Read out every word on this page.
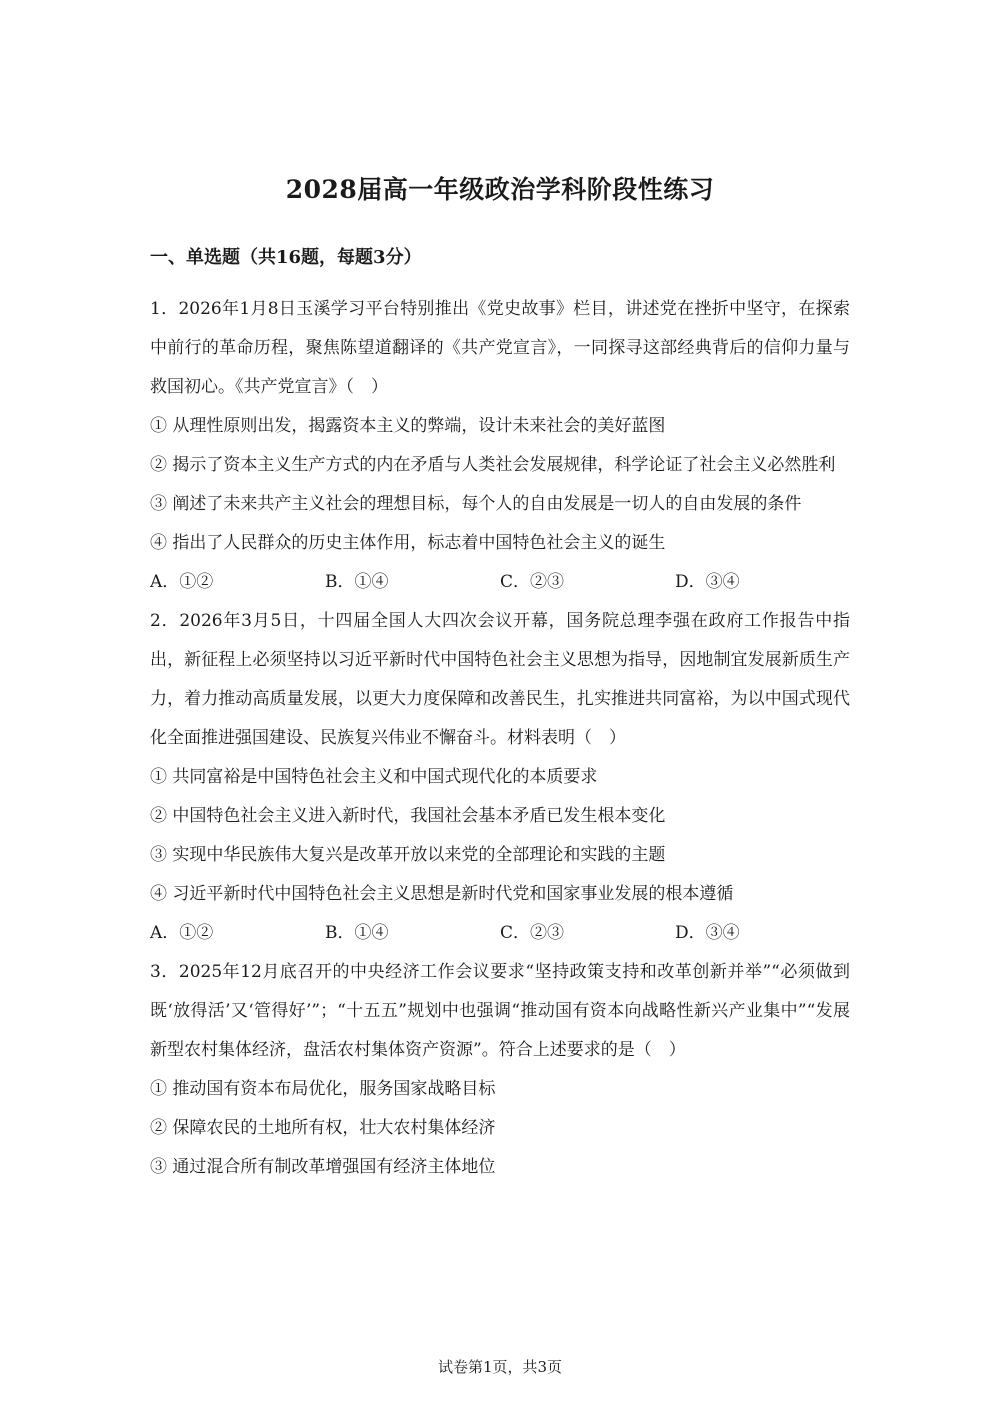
2028届高一年级政治学科阶段性练习
一、单选题（共16题，每题3分）

1．2026年1月8日玉溪学习平台特别推出《党史故事》栏目，讲述党在挫折中坚守，在探索中前行的革命历程，聚焦陈望道翻译的《共产党宣言》，一同探寻这部经典背后的信仰力量与救国初心。《共产党宣言》（　）

① 从理性原则出发，揭露资本主义的弊端，设计未来社会的美好蓝图

② 揭示了资本主义生产方式的内在矛盾与人类社会发展规律，科学论证了社会主义必然胜利

③ 阐述了未来共产主义社会的理想目标，每个人的自由发展是一切人的自由发展的条件

④ 指出了人民群众的历史主体作用，标志着中国特色社会主义的诞生

A．①②	B．①④	C．②③	D．③④

2．2026年3月5日，十四届全国人大四次会议开幕，国务院总理李强在政府工作报告中指出，新征程上必须坚持以习近平新时代中国特色社会主义思想为指导，因地制宜发展新质生产力，着力推动高质量发展，以更大力度保障和改善民生，扎实推进共同富裕，为以中国式现代化全面推进强国建设、民族复兴伟业不懈奋斗。材料表明（　）

① 共同富裕是中国特色社会主义和中国式现代化的本质要求

② 中国特色社会主义进入新时代，我国社会基本矛盾已发生根本变化

③ 实现中华民族伟大复兴是改革开放以来党的全部理论和实践的主题

④ 习近平新时代中国特色社会主义思想是新时代党和国家事业发展的根本遵循

A．①②	B．①④	C．②③	D．③④

3．2025年12月底召开的中央经济工作会议要求“坚持政策支持和改革创新并举”“必须做到既‘放得活’又‘管得好’”；“十五五”规划中也强调“推动国有资本向战略性新兴产业集中”“发展新型农村集体经济，盘活农村集体资产资源”。符合上述要求的是（　）

① 推动国有资本布局优化，服务国家战略目标

② 保障农民的土地所有权，壮大农村集体经济

③ 通过混合所有制改革增强国有经济主体地位

试卷第1页，共3页
